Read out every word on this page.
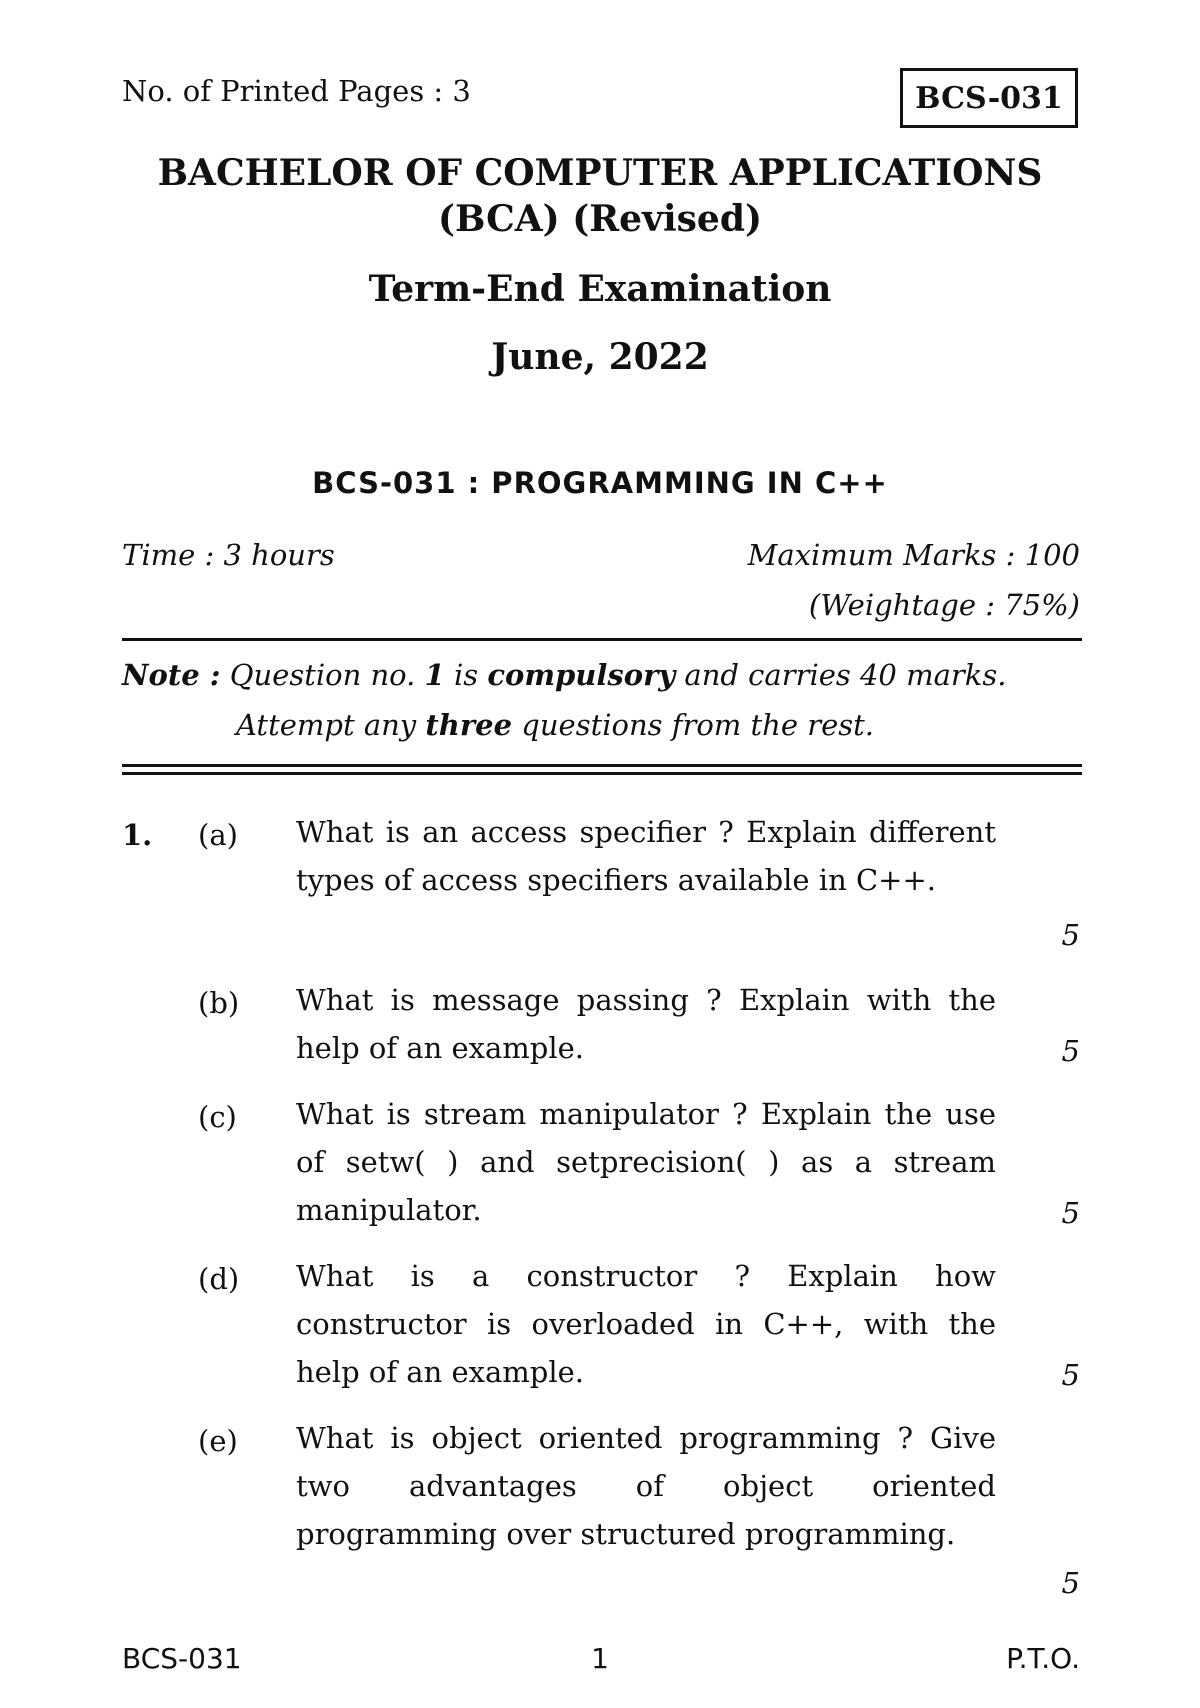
No. of Printed Pages : 3	BCS-031
BACHELOR OF COMPUTER APPLICATIONS
(BCA) (Revised)
Term-End Examination
June, 2022
BCS-031 : PROGRAMMING IN C++
Time : 3 hours	Maximum Marks : 100
(Weightage : 75%)
Note : Question no. 1 is compulsory and carries 40 marks.
Attempt any three questions from the rest.
1. (a) What is an access specifier ? Explain different types of access specifiers available in C++.
5
(b) What is message passing ? Explain with the help of an example.	5
(c) What is stream manipulator ? Explain the use of setw( ) and setprecision( ) as a stream manipulator.	5
(d) What is a constructor ? Explain how constructor is overloaded in C++, with the help of an example.	5
(e) What is object oriented programming ? Give two advantages of object oriented programming over structured programming.
5
BCS-031	1	P.T.O.
